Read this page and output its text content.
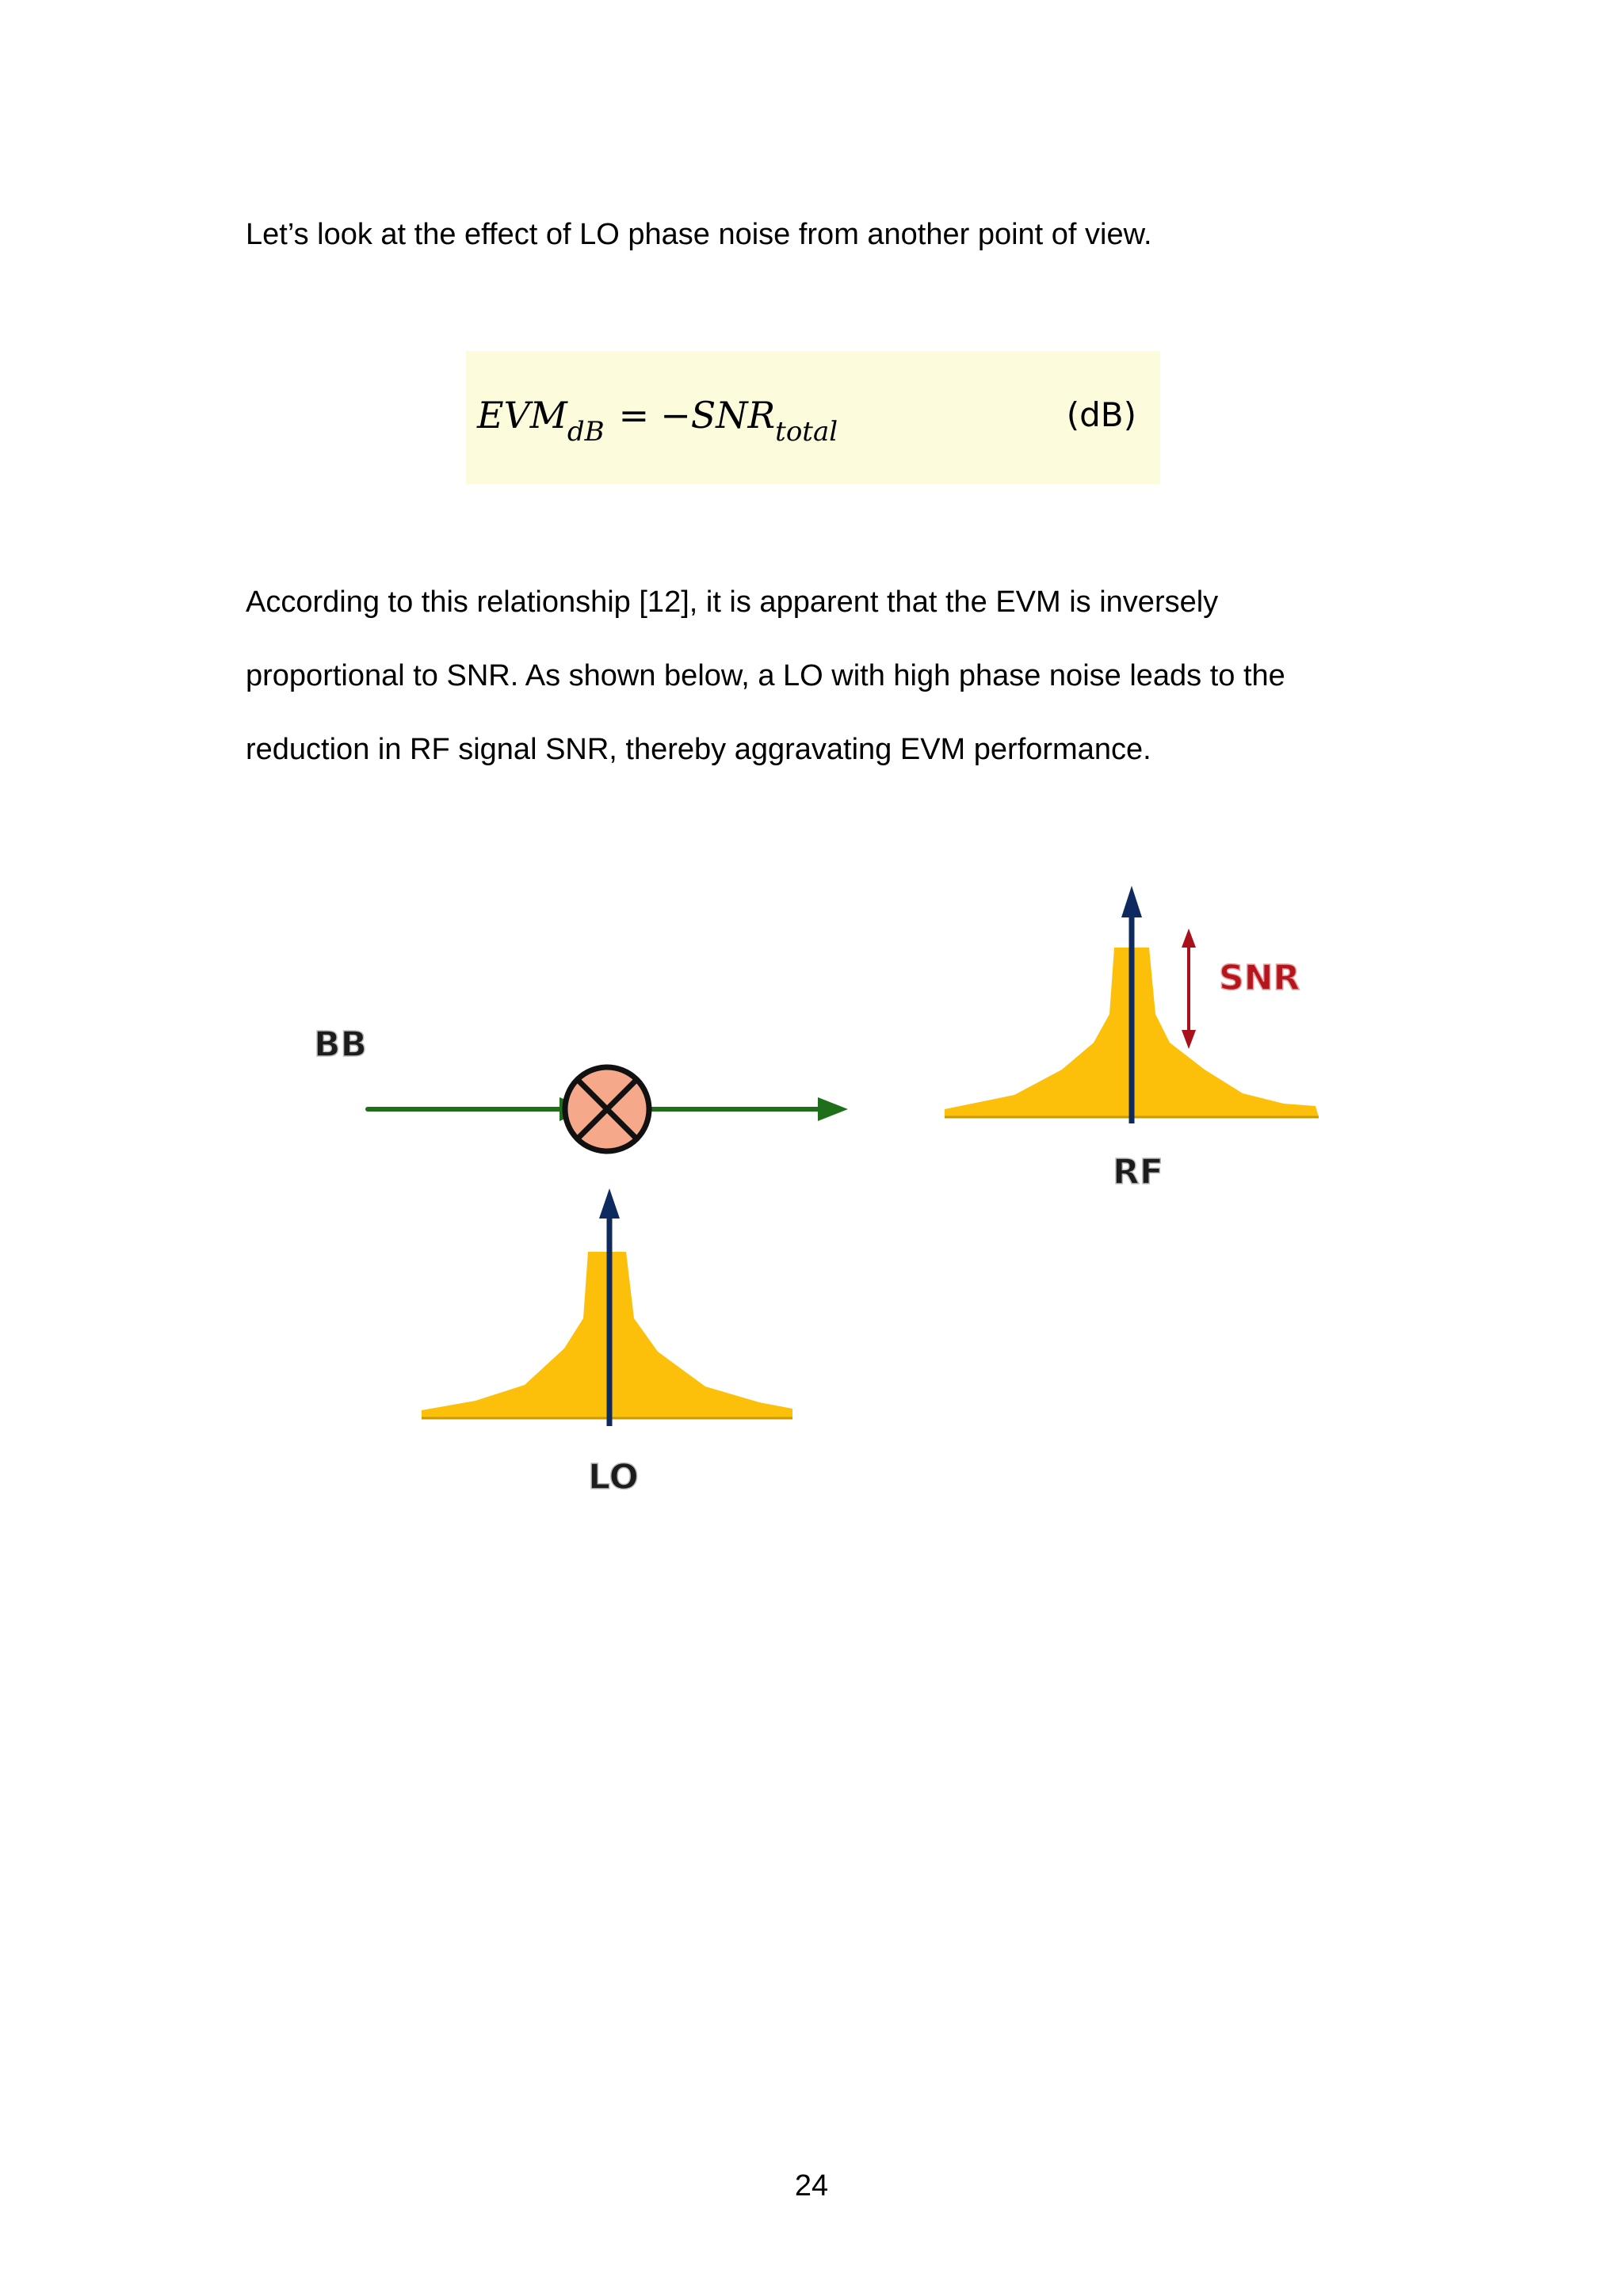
Let’s look at the effect of LO phase noise from another point of view.

$EVM_{dB} = -SNR_{total}$	(dB)

According to this relationship [12], it is apparent that the EVM is inversely
proportional to SNR. As shown below, a LO with high phase noise leads to the
reduction in RF signal SNR, thereby aggravating EVM performance.

BB
SNR
RF
LO
24
